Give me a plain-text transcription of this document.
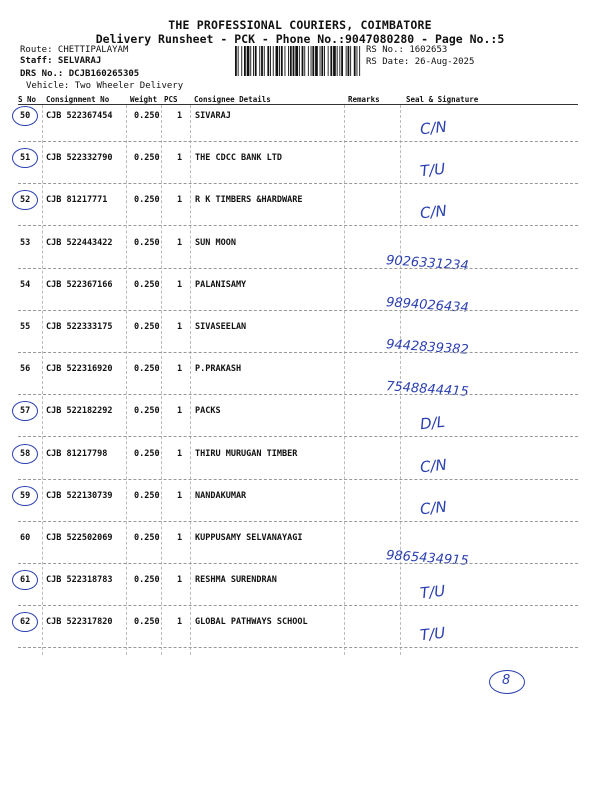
THE PROFESSIONAL COURIERS, COIMBATORE
Delivery Runsheet - PCK - Phone No.:9047080280 - Page No.:5
Route: CHETTIPALAYAM
Staff: SELVARAJ
DRS No.: DCJB160265305
Vehicle: Two Wheeler Delivery
RS No.: 1602653
RS Date: 26-Aug-2025
S No Consignment No	Weight PCS Consignee Details	Remarks	Seal & Signature
50 CJB 522367454	0.250 1 SIVARAJ
C/N
51 CJB 522332790	0.250 1 THE CDCC BANK LTD
T/U
52 CJB 81217771	0.250 1 R K TIMBERS &HARDWARE
C/N
53 CJB 522443422	0.250 1 SUN MOON
9026331234
54 CJB 522367166	0.250 1 PALANISAMY
9894026434
55 CJB 522333175	0.250 1 SIVASEELAN
9442839382
56 CJB 522316920	0.250 1 P.PRAKASH
7548844415
57 CJB 522182292	0.250 1 PACKS
D/L
58 CJB 81217798	0.250 1 THIRU MURUGAN TIMBER
C/N
59 CJB 522130739	0.250 1 NANDAKUMAR
C/N
60 CJB 522502069	0.250 1 KUPPUSAMY SELVANAYAGI
9865434915
61 CJB 522318783	0.250 1 RESHMA SURENDRAN
T/U
62 CJB 522317820	0.250 1 GLOBAL PATHWAYS SCHOOL
T/U
8
